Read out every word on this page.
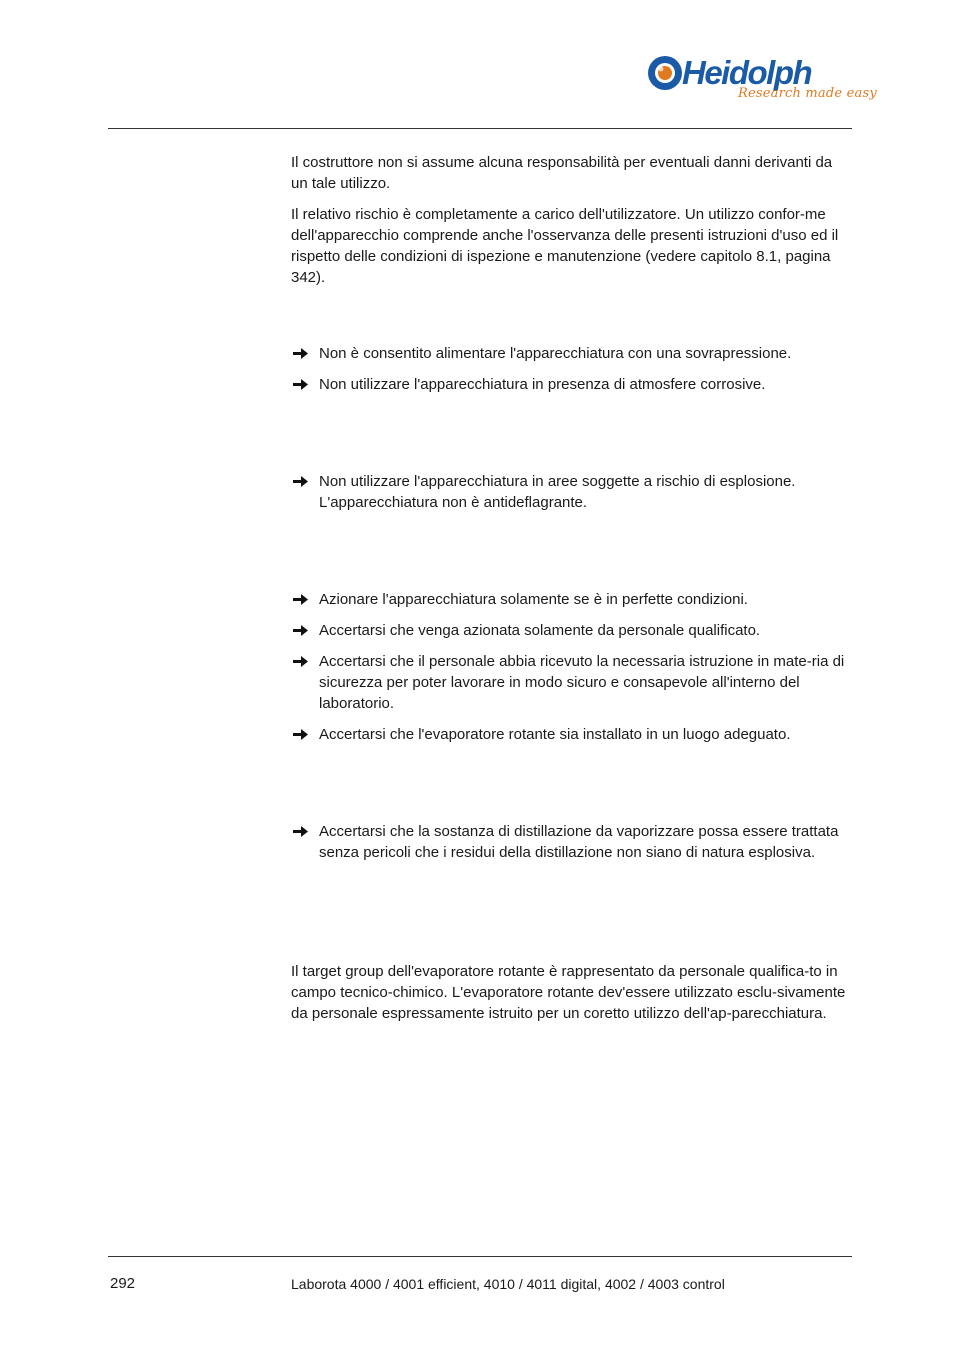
Heidolph
Research made easy

Il costruttore non si assume alcuna responsabilità per eventuali danni derivanti da un tale utilizzo.

Il relativo rischio è completamente a carico dell'utilizzatore. Un utilizzo confor-me dell'apparecchio comprende anche l'osservanza delle presenti istruzioni d'uso ed il rispetto delle condizioni di ispezione e manutenzione (vedere capitolo 8.1, pagina 342).

Non è consentito alimentare l'apparecchiatura con una sovrapressione.
Non utilizzare l'apparecchiatura in presenza di atmosfere corrosive.
Non utilizzare l'apparecchiatura in aree soggette a rischio di esplosione. L'apparecchiatura non è antideflagrante.
Azionare l'apparecchiatura solamente se è in perfette condizioni.
Accertarsi che venga azionata solamente da personale qualificato.
Accertarsi che il personale abbia ricevuto la necessaria istruzione in mate-ria di sicurezza per poter lavorare in modo sicuro e consapevole all'interno del laboratorio.
Accertarsi che l'evaporatore rotante sia installato in un luogo adeguato.
Accertarsi che la sostanza di distillazione da vaporizzare possa essere trattata senza pericoli che i residui della distillazione non siano di natura esplosiva.

Il target group dell'evaporatore rotante è rappresentato da personale qualifica-to in campo tecnico-chimico. L'evaporatore rotante dev'essere utilizzato esclu-sivamente da personale espressamente istruito per un coretto utilizzo dell'ap-parecchiatura.

292	Laborota 4000 / 4001 efficient, 4010 / 4011 digital, 4002 / 4003 control
